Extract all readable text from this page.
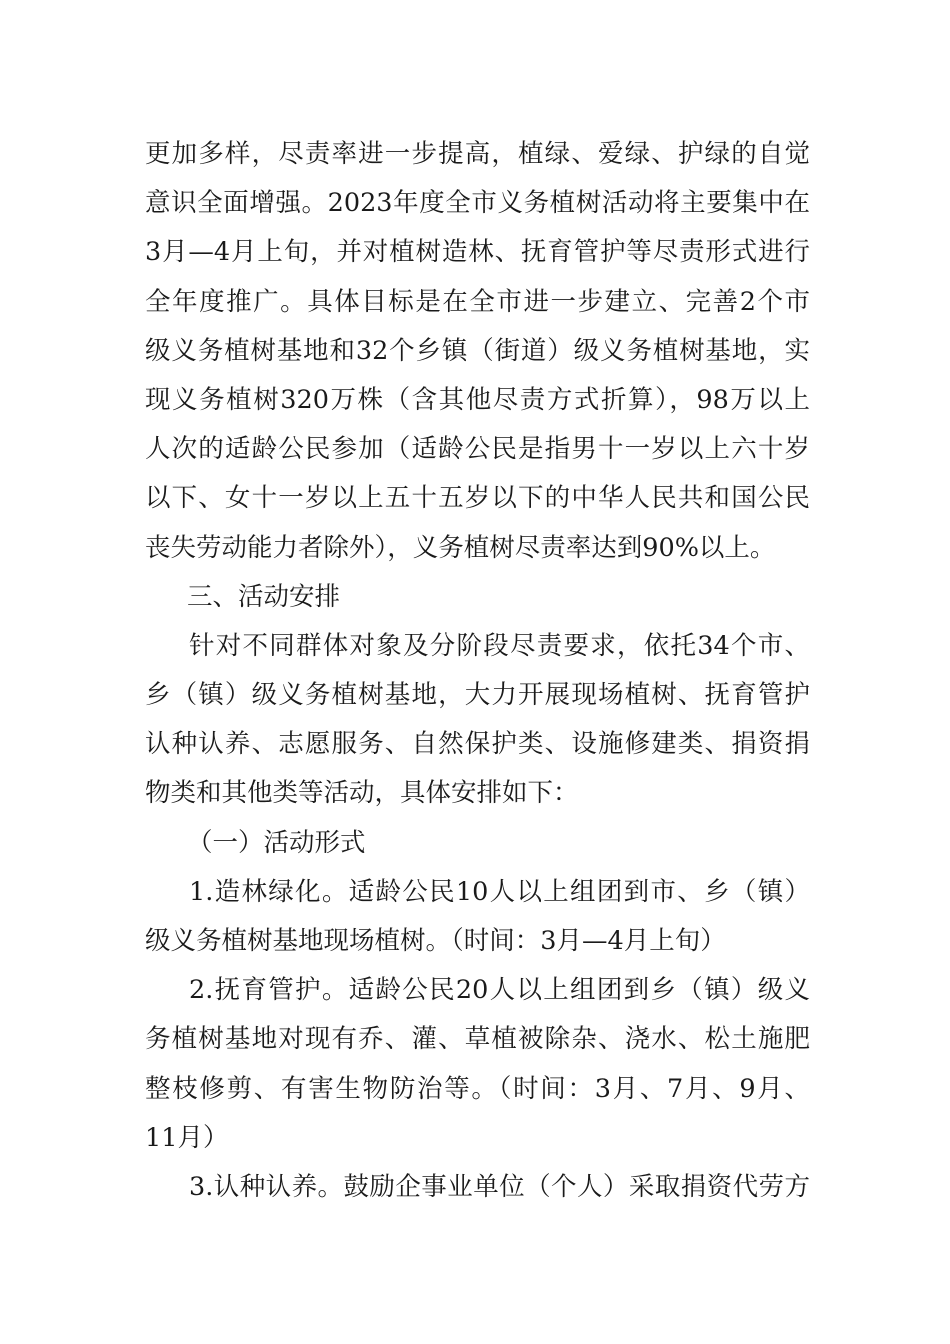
更加多样，尽责率进一步提高，植绿、爱绿、护绿的自觉
意识全面增强。2023年度全市义务植树活动将主要集中在
3月—4月上旬，并对植树造林、抚育管护等尽责形式进行
全年度推广。具体目标是在全市进一步建立、完善2个市
级义务植树基地和32个乡镇（街道）级义务植树基地，实
现义务植树320万株（含其他尽责方式折算），98万以上
人次的适龄公民参加（适龄公民是指男十一岁以上六十岁
以下、女十一岁以上五十五岁以下的中华人民共和国公民
丧失劳动能力者除外），义务植树尽责率达到90%以上。
三、活动安排
针对不同群体对象及分阶段尽责要求，依托34个市、
乡（镇）级义务植树基地，大力开展现场植树、抚育管护
认种认养、志愿服务、自然保护类、设施修建类、捐资捐
物类和其他类等活动，具体安排如下：
（一）活动形式
1.造林绿化。适龄公民10人以上组团到市、乡（镇）
级义务植树基地现场植树。（时间：3月—4月上旬）
2.抚育管护。适龄公民20人以上组团到乡（镇）级义
务植树基地对现有乔、灌、草植被除杂、浇水、松土施肥
整枝修剪、有害生物防治等。（时间：3月、7月、9月、
11月）
3.认种认养。鼓励企事业单位（个人）采取捐资代劳方
